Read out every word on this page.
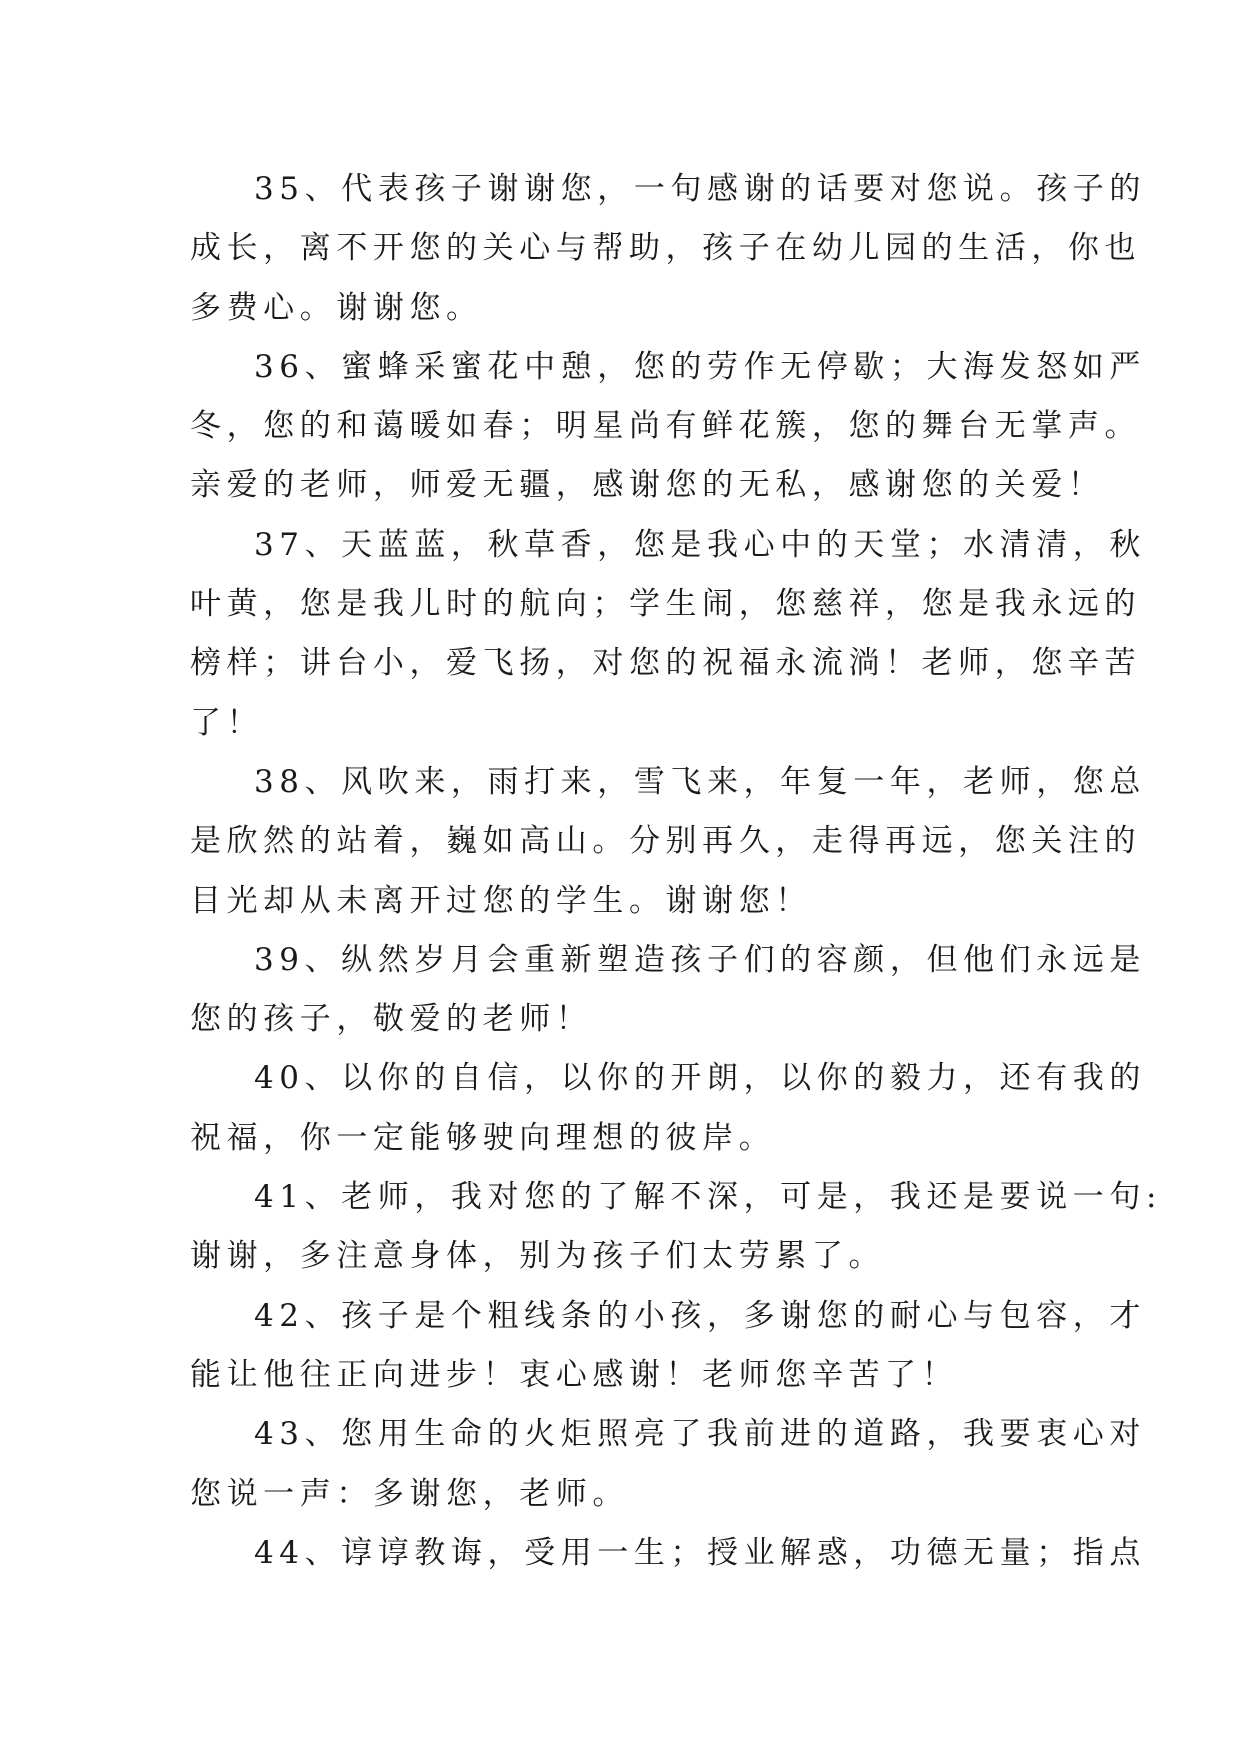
35、代表孩子谢谢您，一句感谢的话要对您说。孩子的
成长，离不开您的关心与帮助，孩子在幼儿园的生活，你也
多费心。谢谢您。
36、蜜蜂采蜜花中憩，您的劳作无停歇；大海发怒如严
冬，您的和蔼暖如春；明星尚有鲜花簇，您的舞台无掌声。
亲爱的老师，师爱无疆，感谢您的无私，感谢您的关爱！
37、天蓝蓝，秋草香，您是我心中的天堂；水清清，秋
叶黄，您是我儿时的航向；学生闹，您慈祥，您是我永远的
榜样；讲台小，爱飞扬，对您的祝福永流淌！老师，您辛苦
了！
38、风吹来，雨打来，雪飞来，年复一年，老师，您总
是欣然的站着，巍如高山。分别再久，走得再远，您关注的
目光却从未离开过您的学生。谢谢您！
39、纵然岁月会重新塑造孩子们的容颜，但他们永远是
您的孩子，敬爱的老师！
40、以你的自信，以你的开朗，以你的毅力，还有我的
祝福，你一定能够驶向理想的彼岸。
41、老师，我对您的了解不深，可是，我还是要说一句:
谢谢，多注意身体，别为孩子们太劳累了。
42、孩子是个粗线条的小孩，多谢您的耐心与包容，才
能让他往正向进步！衷心感谢！老师您辛苦了！
43、您用生命的火炬照亮了我前进的道路，我要衷心对
您说一声：多谢您，老师。
44、谆谆教诲，受用一生；授业解惑，功德无量；指点
